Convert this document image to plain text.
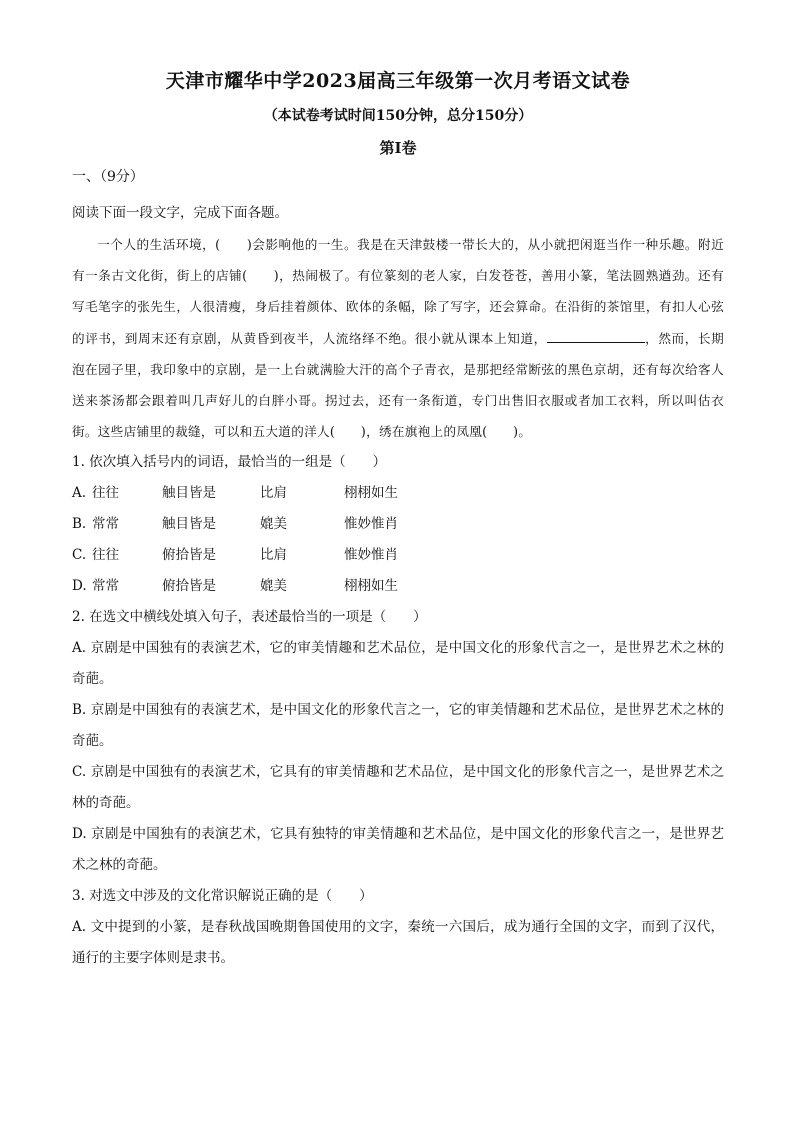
天津市耀华中学2023届高三年级第一次月考语文试卷
（本试卷考试时间150分钟，总分150分）
第Ⅰ卷
一、（9分）

阅读下面一段文字，完成下面各题。

一个人的生活环境，(　　)会影响他的一生。我是在天津鼓楼一带长大的，从小就把闲逛当作一种乐趣。附近有一条古文化街，街上的店铺(　　)，热闹极了。有位篆刻的老人家，白发苍苍，善用小篆，笔法圆熟遒劲。还有写毛笔字的张先生，人很清瘦，身后挂着颜体、欧体的条幅，除了写字，还会算命。在沿街的茶馆里，有扣人心弦的评书，到周末还有京剧，从黄昏到夜半，人流络绎不绝。很小就从课本上知道，	，然而，长期泡在园子里，我印象中的京剧，是一上台就满脸大汗的高个子青衣，是那把经常断弦的黑色京胡，还有每次给客人送来茶汤都会跟着叫几声好儿的白胖小哥。拐过去，还有一条衔道，专门出售旧衣服或者加工衣料，所以叫估衣街。这些店铺里的裁缝，可以和五大道的洋人(　　)，绣在旗袍上的凤凰(　　)。

1. 依次填入括号内的词语，最恰当的一组是（　　）

A. 往往	触目皆是	比肩	栩栩如生
B. 常常	触目皆是	媲美	惟妙惟肖
C. 往往	俯拾皆是	比肩	惟妙惟肖
D. 常常	俯拾皆是	媲美	栩栩如生

2. 在选文中横线处填入句子，表述最恰当的一项是（　　）

A. 京剧是中国独有的表演艺术，它的审美情趣和艺术品位，是中国文化的形象代言之一，是世界艺术之林的奇葩。

B. 京剧是中国独有的表演艺术，是中国文化的形象代言之一，它的审美情趣和艺术品位，是世界艺术之林的奇葩。

C. 京剧是中国独有的表演艺术，它具有的审美情趣和艺术品位，是中国文化的形象代言之一，是世界艺术之林的奇葩。

D. 京剧是中国独有的表演艺术，它具有独特的审美情趣和艺术品位，是中国文化的形象代言之一，是世界艺术之林的奇葩。

3. 对选文中涉及的文化常识解说正确的是（　　）

A. 文中提到的小篆，是春秋战国晚期鲁国使用的文字，秦统一六国后，成为通行全国的文字，而到了汉代，通行的主要字体则是隶书。
